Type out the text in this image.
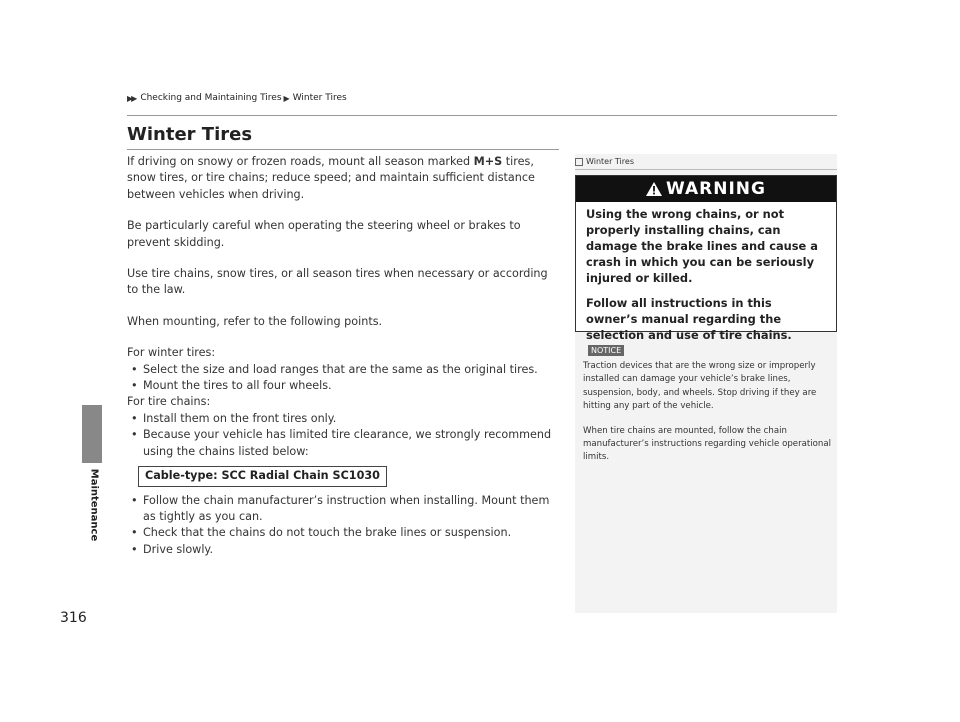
Maintenance
316
▶▶ Checking and Maintaining Tires ▶ Winter Tires
Winter Tires

If driving on snowy or frozen roads, mount all season marked M+S tires, snow tires, or tire chains; reduce speed; and maintain sufficient distance between vehicles when driving.

Be particularly careful when operating the steering wheel or brakes to prevent skidding.

Use tire chains, snow tires, or all season tires when necessary or according to the law.

When mounting, refer to the following points.

For winter tires:
• Select the size and load ranges that are the same as the original tires.
• Mount the tires to all four wheels.
For tire chains:
• Install them on the front tires only.
• Because your vehicle has limited tire clearance, we strongly recommend using the chains listed below:
Cable-type: SCC Radial Chain SC1030
• Follow the chain manufacturer’s instruction when installing. Mount them as tightly as you can.
• Check that the chains do not touch the brake lines or suspension.
• Drive slowly.
Winter Tires
WARNING

Using the wrong chains, or not properly installing chains, can damage the brake lines and cause a crash in which you can be seriously injured or killed.

Follow all instructions in this owner’s manual regarding the selection and use of tire chains.

NOTICE

Traction devices that are the wrong size or improperly installed can damage your vehicle’s brake lines, suspension, body, and wheels. Stop driving if they are hitting any part of the vehicle.

When tire chains are mounted, follow the chain manufacturer’s instructions regarding vehicle operational limits.
